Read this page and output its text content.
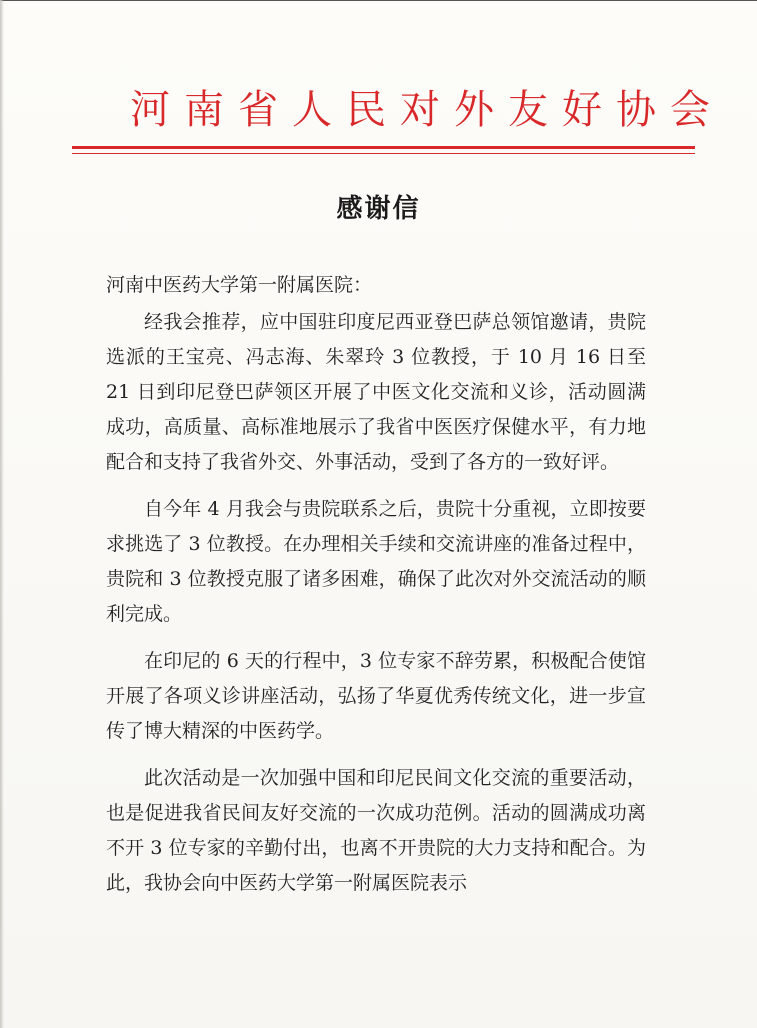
河南省人民对外友好协会
感谢信

河南中医药大学第一附属医院：

经我会推荐，应中国驻印度尼西亚登巴萨总领馆邀请，贵院选派的王宝亮、冯志海、朱翠玲 3 位教授，于 10 月 16 日至 21 日到印尼登巴萨领区开展了中医文化交流和义诊，活动圆满成功，高质量、高标准地展示了我省中医医疗保健水平，有力地配合和支持了我省外交、外事活动，受到了各方的一致好评。

自今年 4 月我会与贵院联系之后，贵院十分重视，立即按要求挑选了 3 位教授。在办理相关手续和交流讲座的准备过程中，贵院和 3 位教授克服了诸多困难，确保了此次对外交流活动的顺利完成。

在印尼的 6 天的行程中，3 位专家不辞劳累，积极配合使馆开展了各项义诊讲座活动，弘扬了华夏优秀传统文化，进一步宣传了博大精深的中医药学。

此次活动是一次加强中国和印尼民间文化交流的重要活动，也是促进我省民间友好交流的一次成功范例。活动的圆满成功离不开 3 位专家的辛勤付出，也离不开贵院的大力支持和配合。为此，我协会向中医药大学第一附属医院表示
